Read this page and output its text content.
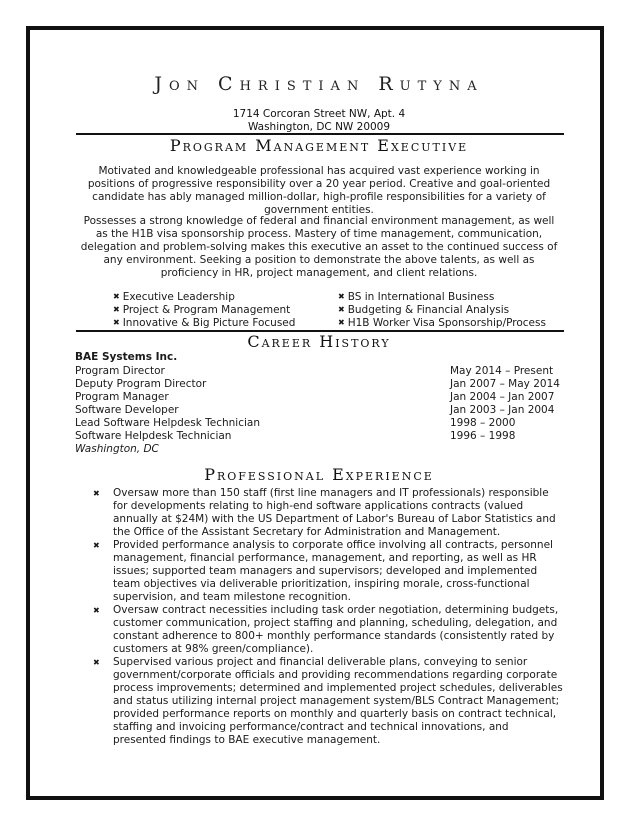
Jon Christian Rutyna
1714 Corcoran Street NW, Apt. 4
Washington, DC NW 20009
Program Management Executive
Motivated and knowledgeable professional has acquired vast experience working in positions of progressive responsibility over a 20 year period. Creative and goal-oriented candidate has ably managed million-dollar, high-profile responsibilities for a variety of government entities.
Possesses a strong knowledge of federal and financial environment management, as well as the H1B visa sponsorship process. Mastery of time management, communication, delegation and problem-solving makes this executive an asset to the continued success of any environment. Seeking a position to demonstrate the above talents, as well as proficiency in HR, project management, and client relations.
✖ Executive Leadership
✖ Project & Program Management
✖ Innovative & Big Picture Focused
✖ BS in International Business
✖ Budgeting & Financial Analysis
✖ H1B Worker Visa Sponsorship/Process
Career History
BAE Systems Inc.
Program Director	May 2014 – Present
Deputy Program Director	Jan 2007 – May 2014
Program Manager	Jan 2004 – Jan 2007
Software Developer	Jan 2003 – Jan 2004
Lead Software Helpdesk Technician	1998 – 2000
Software Helpdesk Technician	1996 – 1998
Washington, DC
Professional Experience
✖ Oversaw more than 150 staff (first line managers and IT professionals) responsible for developments relating to high-end software applications contracts (valued annually at $24M) with the US Department of Labor's Bureau of Labor Statistics and the Office of the Assistant Secretary for Administration and Management.
✖ Provided performance analysis to corporate office involving all contracts, personnel management, financial performance, management, and reporting, as well as HR issues; supported team managers and supervisors; developed and implemented team objectives via deliverable prioritization, inspiring morale, cross-functional supervision, and team milestone recognition.
✖ Oversaw contract necessities including task order negotiation, determining budgets, customer communication, project staffing and planning, scheduling, delegation, and constant adherence to 800+ monthly performance standards (consistently rated by customers at 98% green/compliance).
✖ Supervised various project and financial deliverable plans, conveying to senior government/corporate officials and providing recommendations regarding corporate process improvements; determined and implemented project schedules, deliverables and status utilizing internal project management system/BLS Contract Management; provided performance reports on monthly and quarterly basis on contract technical, staffing and invoicing performance/contract and technical innovations, and presented findings to BAE executive management.
